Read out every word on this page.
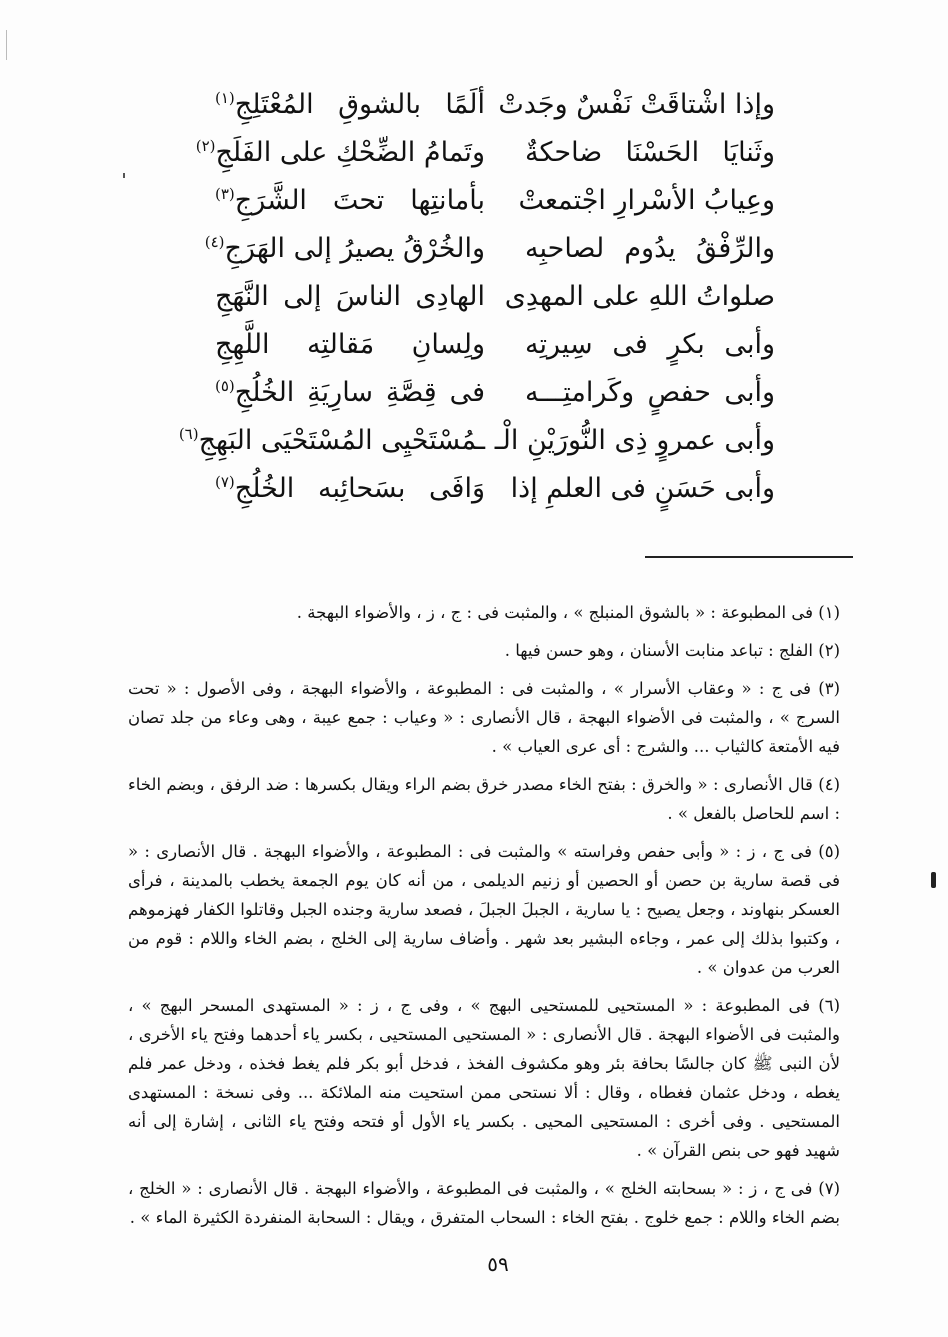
وإذا اشْتاقَتْ نَفْسٌ وجَدتْ
ألَمًا بالشوقِ المُعْتَلِجِ$^{(١)}$
وثَنايَا الحَسْنَا ضاحكةٌ
وتَمامُ الضِّحْكِ على الفَلَجِ$^{(٢)}$
وعِيابُ الأسْرارِ اجْتمعتْ
بأمانتِها تحتَ الشَّرَجِ$^{(٣)}$
والرِّفْقُ يدُوم لصاحبِه
والخُرْقُ يصيرُ إلى الهَرَجِ$^{(٤)}$
صلواتُ اللهِ على المهدِى
الهادِى الناسَ إلى النَّهَجِ
وأبى بكرٍ فى سِيرتِه
ولِسانِ مَقالتِه اللَّهِجِ
وأبى حفصٍ وكَرامتِـــه
فى قِصَّةِ سارِيَةِ الخُلُجِ$^{(٥)}$
وأبى عمروٍ ذِى النُّورَيْنِ الْـ
ـمُسْتَحْيِى المُسْتَحْيَى البَهِجِ$^{(٦)}$
وأبى حَسَنٍ فى العلمِ إذا
وَافَى بسَحائِبه الخُلُجِ$^{(٧)}$

(١) فى المطبوعة : « بالشوق المنبلج » ، والمثبت فى : ج ، ز ، والأضواء البهجة .

(٢) الفلج : تباعد منابت الأسنان ، وهو حسن فيها .

(٣) فى ج : « وعقاب الأسرار » ، والمثبت فى : المطبوعة ، والأضواء البهجة ، وفى الأصول : « تحت السرج » ، والمثبت فى الأضواء البهجة ، قال الأنصارى : « وعياب : جمع عيبة ، وهى وعاء من جلد تصان فيه الأمتعة كالثياب ... والشرج : أى عرى العياب » .

(٤) قال الأنصارى : « والخرق : بفتح الخاء مصدر خرق بضم الراء ويقال بكسرها : ضد الرفق ، وبضم الخاء : اسم للحاصل بالفعل » .

(٥) فى ج ، ز : « وأبى حفص وفراسته » والمثبت فى : المطبوعة ، والأضواء البهجة . قال الأنصارى : « فى قصة سارية بن حصن أو الحصين أو زنيم الديلمى ، من أنه كان يوم الجمعة يخطب بالمدينة ، فرأى العسكر بنهاوند ، وجعل يصيح : يا سارية ، الجبلَ الجبلَ ، فصعد سارية وجنده الجبل وقاتلوا الكفار فهزموهم ، وكتبوا بذلك إلى عمر ، وجاءه البشير بعد شهر . وأضاف سارية إلى الخلج ، بضم الخاء واللام : قوم من العرب من عدوان » .

(٦) فى المطبوعة : « المستحيى للمستحيى البهج » ، وفى ج ، ز : « المستهدى المسحر البهج » ، والمثبت فى الأضواء البهجة . قال الأنصارى : « المستحيى المستحيى ، بكسر ياء أحدهما وفتح ياء الأخرى ، لأن النبى ﷺ كان جالسًا بحافة بئر وهو مكشوف الفخذ ، فدخل أبو بكر فلم يغط فخذه ، ودخل عمر فلم يغطه ، ودخل عثمان فغطاه ، وقال : ألا نستحى ممن استحيت منه الملائكة ... وفى نسخة : المستهدى المستحيى . وفى أخرى : المستحيى المحيى . بكسر ياء الأول أو فتحه وفتح ياء الثانى ، إشارة إلى أنه شهيد فهو حى بنص القرآن » .

(٧) فى ج ، ز : « بسحابته الخلج » ، والمثبت فى المطبوعة ، والأضواء البهجة . قال الأنصارى : « الخلج ، بضم الخاء واللام : جمع خلوج . بفتح الخاء : السحاب المتفرق ، ويقال : السحابة المنفردة الكثيرة الماء » .

٥٩
